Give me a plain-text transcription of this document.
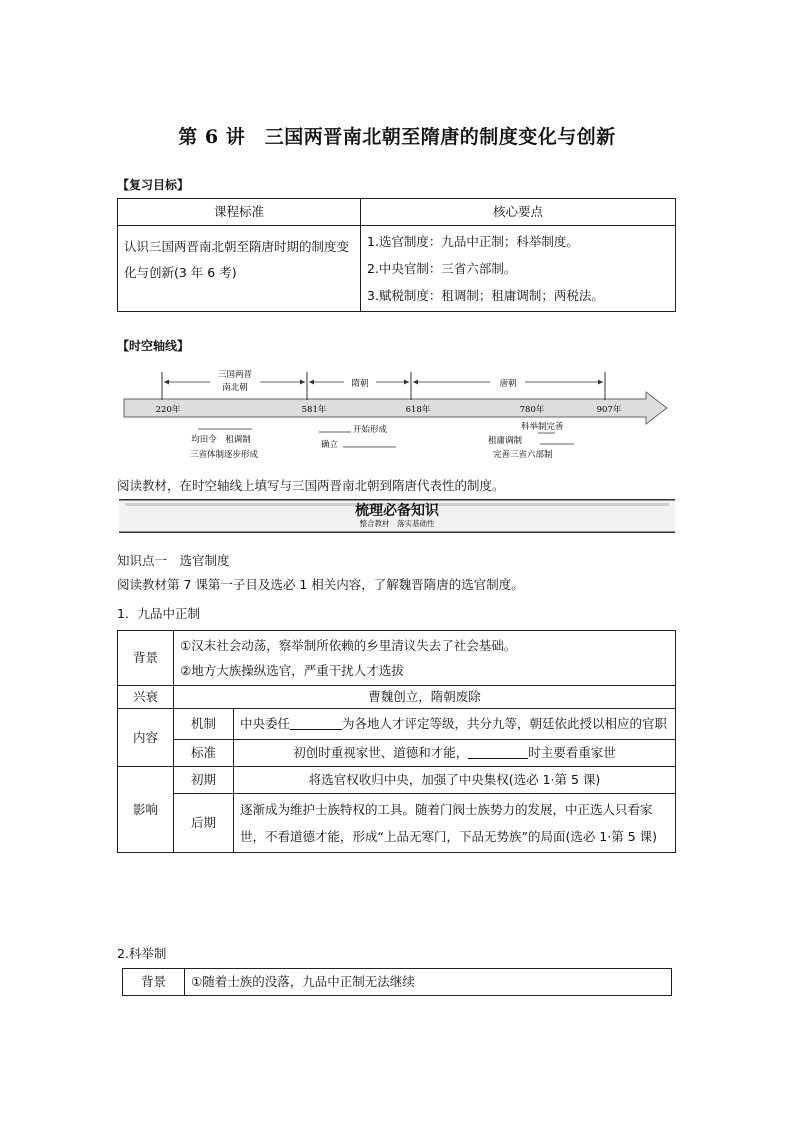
第 6 讲　三国两晋南北朝至隋唐的制度变化与创新
【复习目标】
课程标准	核心要点
认识三国两晋南北朝至隋唐时期的制度变化与创新(3 年 6 考)	1.选官制度：九品中正制；科举制度。
2.中央官制：三省六部制。
3.赋税制度：租调制；租庸调制；两税法。
【时空轴线】
三国两晋
南北朝	隋朝	唐朝
220年	581年	618年	780年	907年
均田令　租调制
三省体制逐步形成
开始形成
确立
科举制完善
租庸调制
完善三省六部制
阅读教材，在时空轴线上填写与三国两晋南北朝到隋唐代表性的制度。
梳理必备知识
整合教材　落实基础性
知识点一　选官制度
阅读教材第 7 课第一子目及选必 1 相关内容，了解魏晋隋唐的选官制度。
1．九品中正制
背景	①汉末社会动荡，察举制所依赖的乡里清议失去了社会基础。
②地方大族操纵选官，严重干扰人才选拔	

兴衰	曹魏创立，隋朝废除	
内容	机制	中央委任 为各地人才评定等级，共分九等，朝廷依此授以相应的官职
	标准	初创时重视家世、道德和才能， 时主要看重家世
影响	初期	将选官权收归中央，加强了中央集权(选必 1·第 5 课)
	后期	逐渐成为维护士族特权的工具。随着门阀士族势力的发展，中正选人只看家世，不看道德才能，形成“上品无寒门，下品无势族”的局面(选必 1·第 5 课)
2.科举制
背景	①随着士族的没落，九品中正制无法继续
